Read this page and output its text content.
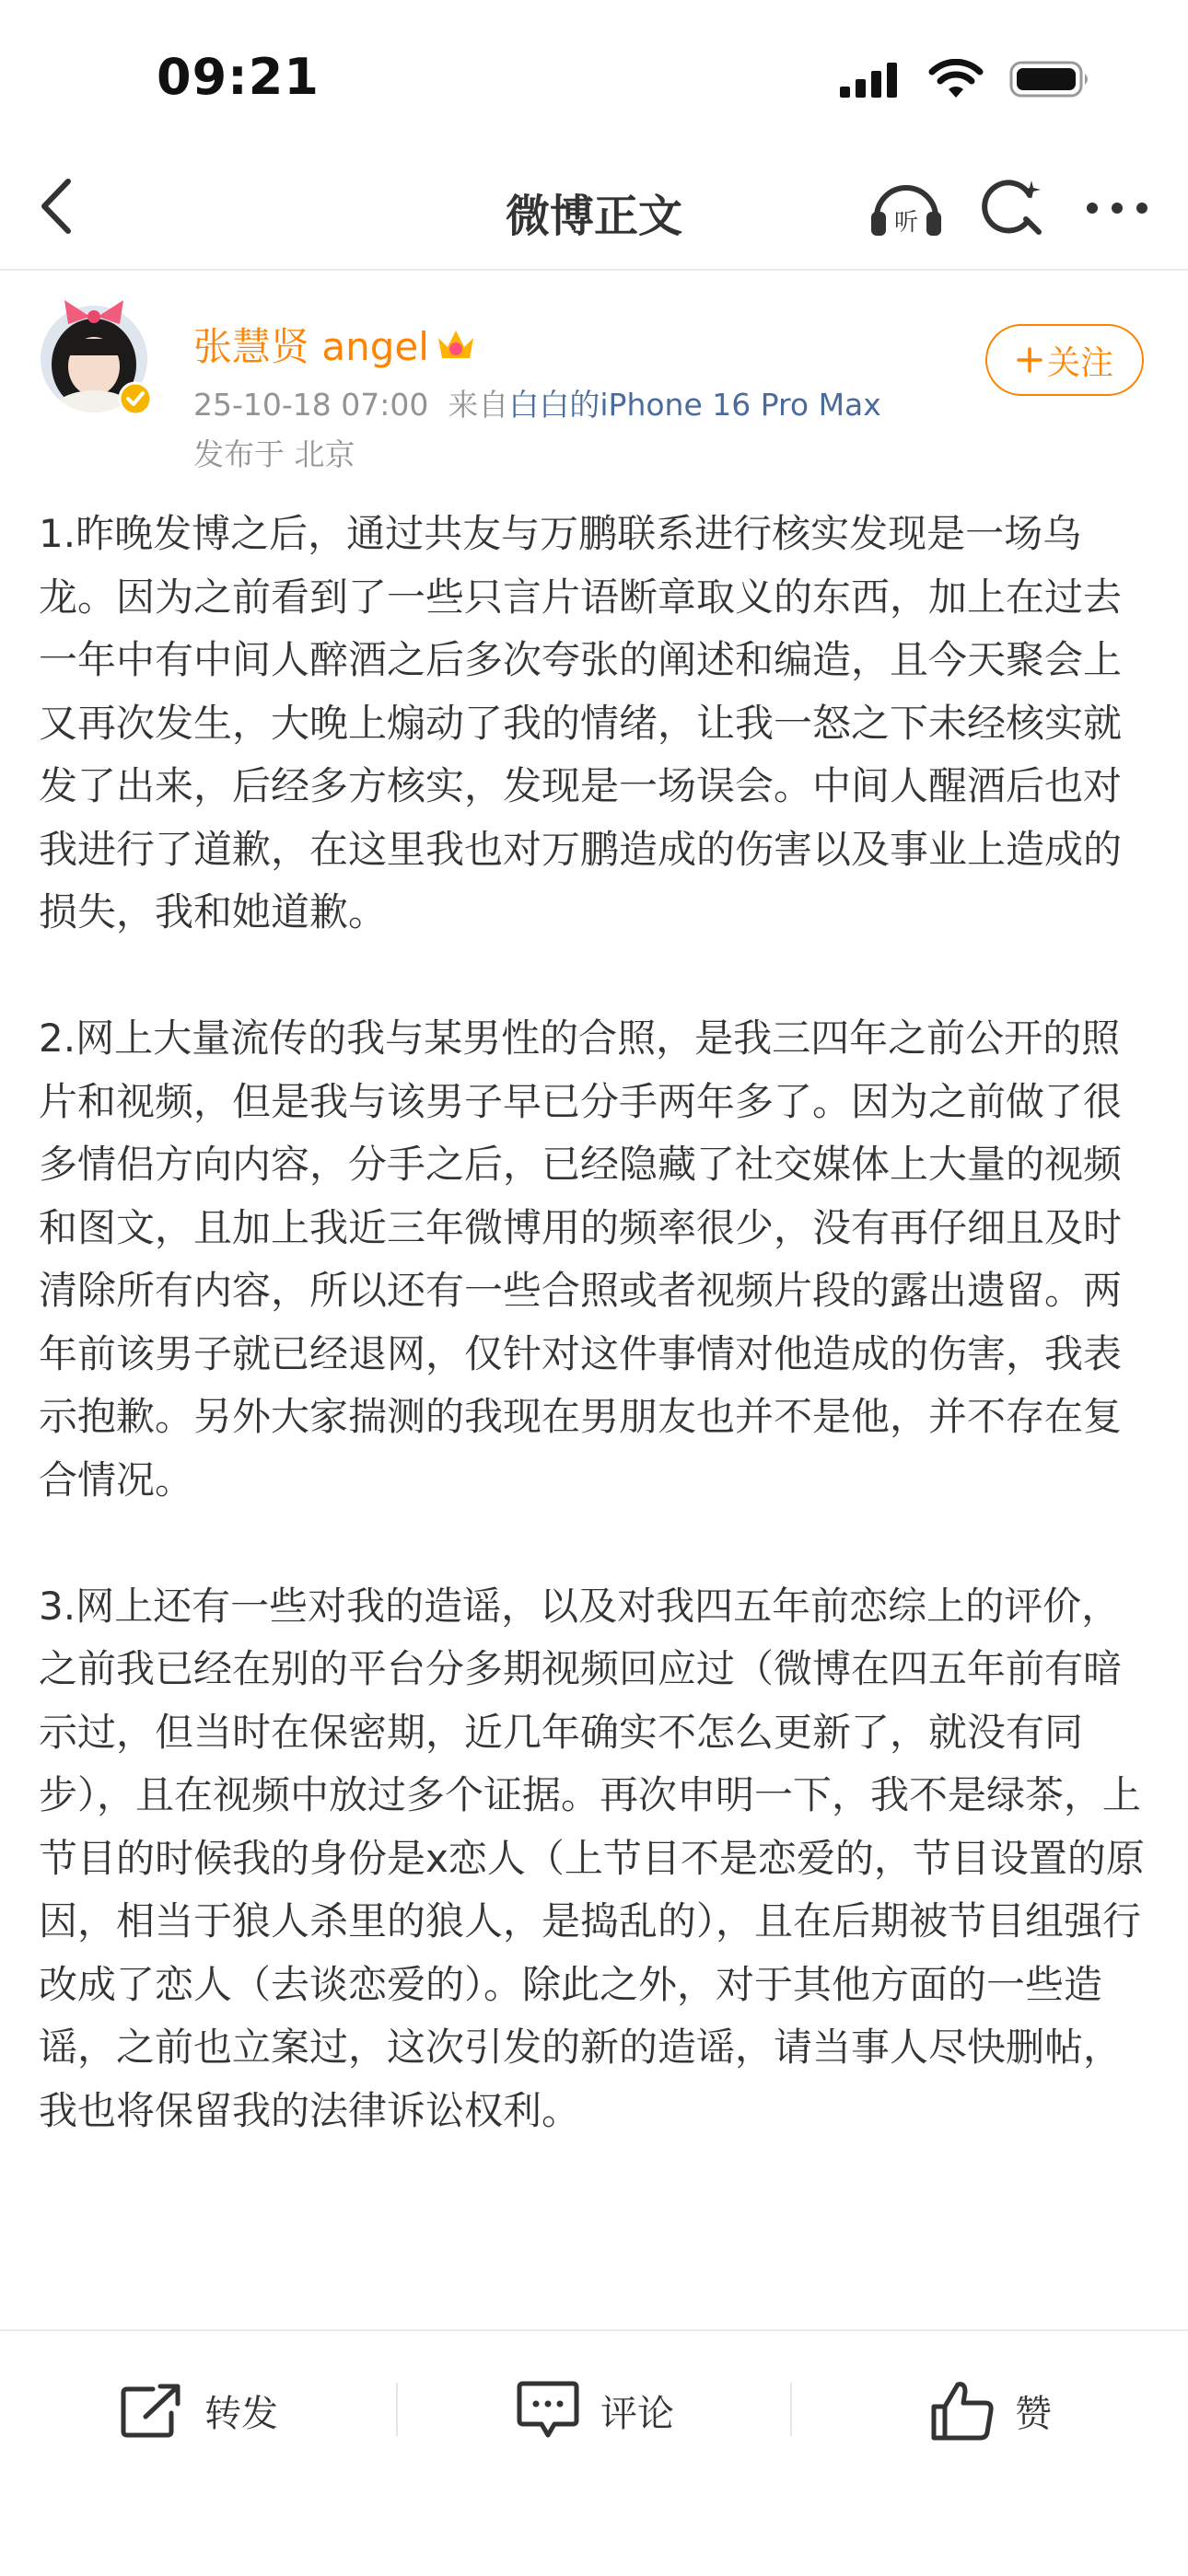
09:21
微博正文	听
张慧贤 angel
25-10-18 07:00 来自白白的iPhone 16 Pro Max
发布于 北京
关注

1.昨晚发博之后，通过共友与万鹏联系进行核实发现是一场乌龙。因为之前看到了一些只言片语断章取义的东西，加上在过去一年中有中间人醉酒之后多次夸张的阐述和编造，且今天聚会上又再次发生，大晚上煽动了我的情绪，让我一怒之下未经核实就发了出来，后经多方核实，发现是一场误会。中间人醒酒后也对我进行了道歉，在这里我也对万鹏造成的伤害以及事业上造成的损失，我和她道歉。

2.网上大量流传的我与某男性的合照，是我三四年之前公开的照片和视频，但是我与该男子早已分手两年多了。因为之前做了很多情侣方向内容，分手之后，已经隐藏了社交媒体上大量的视频和图文，且加上我近三年微博用的频率很少，没有再仔细且及时清除所有内容，所以还有一些合照或者视频片段的露出遗留。两年前该男子就已经退网，仅针对这件事情对他造成的伤害，我表示抱歉。另外大家揣测的我现在男朋友也并不是他，并不存在复合情况。

3.网上还有一些对我的造谣，以及对我四五年前恋综上的评价，之前我已经在别的平台分多期视频回应过（微博在四五年前有暗示过，但当时在保密期，近几年确实不怎么更新了，就没有同步），且在视频中放过多个证据。再次申明一下，我不是绿茶，上节目的时候我的身份是x恋人（上节目不是恋爱的，节目设置的原因，相当于狼人杀里的狼人，是捣乱的），且在后期被节目组强行改成了恋人（去谈恋爱的）。除此之外，对于其他方面的一些造谣，之前也立案过，这次引发的新的造谣，请当事人尽快删帖，我也将保留我的法律诉讼权利。

转发	评论	赞
